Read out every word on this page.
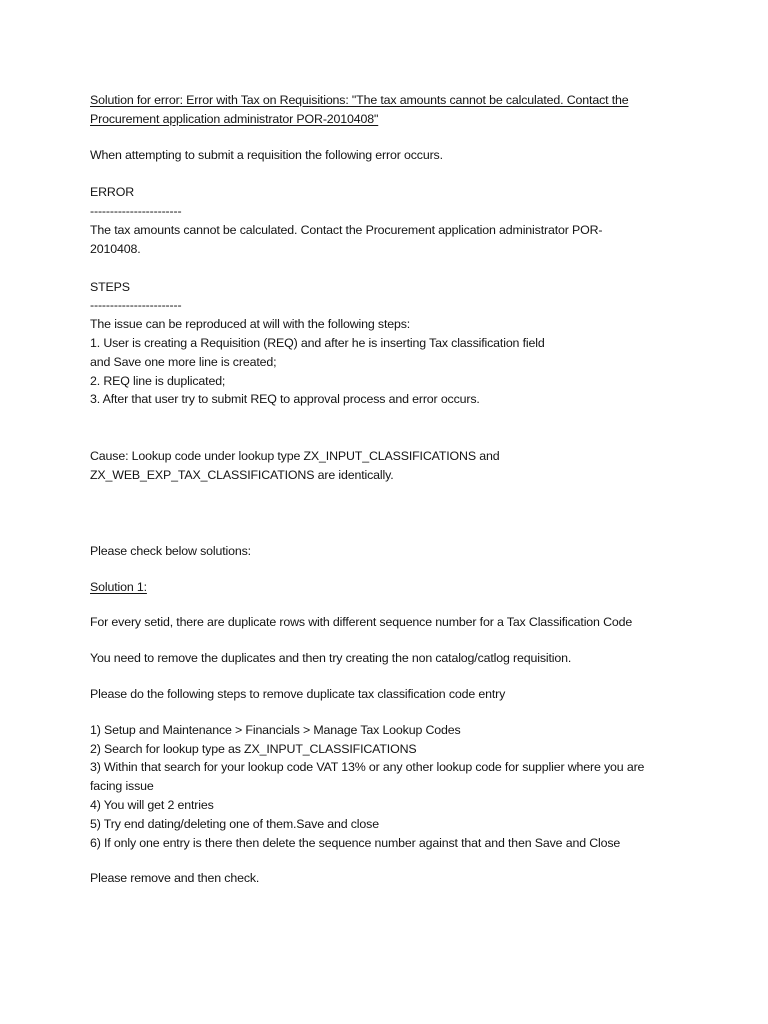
Solution for error: Error with Tax on Requisitions: "The tax amounts cannot be calculated. Contact the
Procurement application administrator POR-2010408"
When attempting to submit a requisition the following error occurs.
ERROR
-----------------------
The tax amounts cannot be calculated. Contact the Procurement application administrator POR-
2010408.
STEPS
-----------------------
The issue can be reproduced at will with the following steps:
1. User is creating a Requisition (REQ) and after he is inserting Tax classification field
and Save one more line is created;
2. REQ line is duplicated;
3. After that user try to submit REQ to approval process and error occurs.
Cause: Lookup code under lookup type ZX_INPUT_CLASSIFICATIONS and
ZX_WEB_EXP_TAX_CLASSIFICATIONS are identically.
Please check below solutions:
Solution 1:
For every setid, there are duplicate rows with different sequence number for a Tax Classification Code
You need to remove the duplicates and then try creating the non catalog/catlog requisition.
Please do the following steps to remove duplicate tax classification code entry
1) Setup and Maintenance > Financials > Manage Tax Lookup Codes
2) Search for lookup type as ZX_INPUT_CLASSIFICATIONS
3) Within that search for your lookup code VAT 13% or any other lookup code for supplier where you are
facing issue
4) You will get 2 entries
5) Try end dating/deleting one of them.Save and close
6) If only one entry is there then delete the sequence number against that and then Save and Close
Please remove and then check.
